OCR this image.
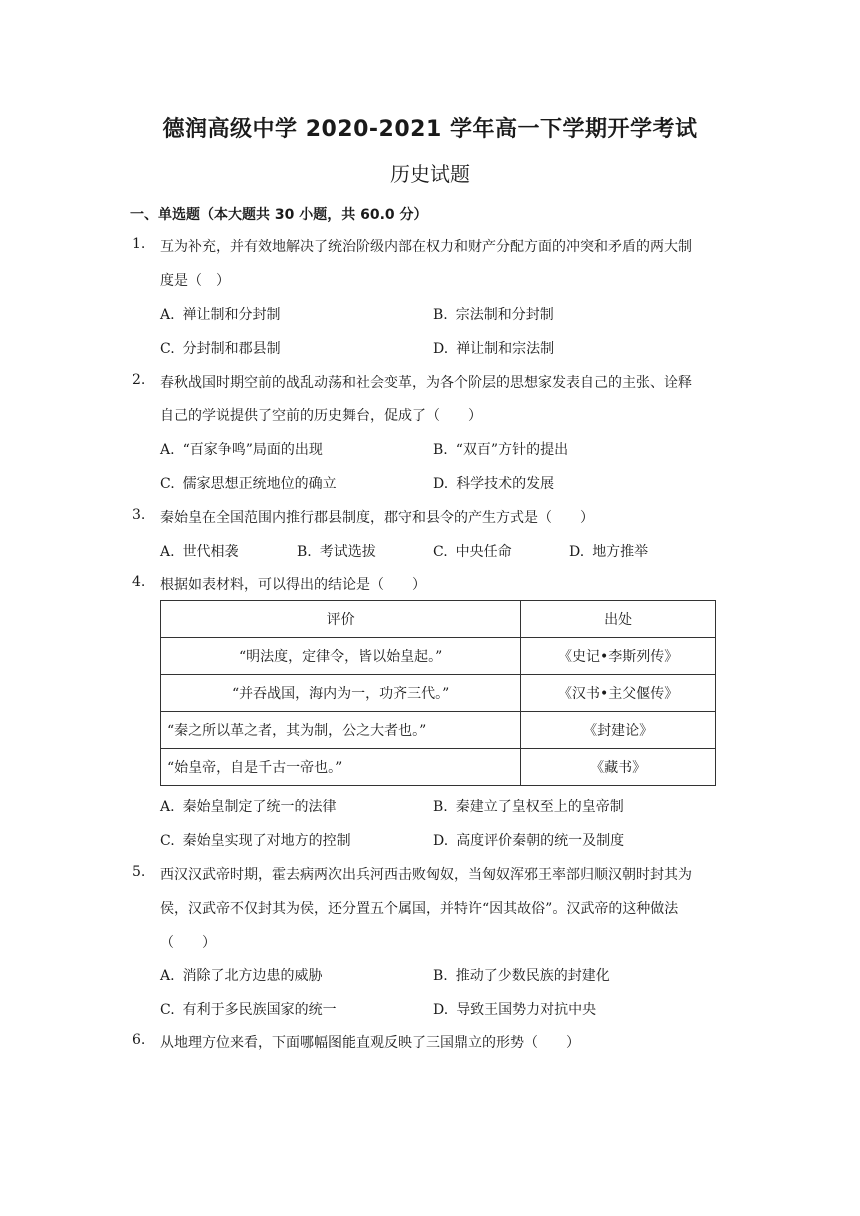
德润高级中学 2020-2021 学年高一下学期开学考试
历史试题
一、单选题（本大题共 30 小题，共 60.0 分）
1. 互为补充，并有效地解决了统治阶级内部在权力和财产分配方面的冲突和矛盾的两大制
度是（　）
A. 禅让制和分封制	B. 宗法制和分封制
C. 分封制和郡县制	D. 禅让制和宗法制
2. 春秋战国时期空前的战乱动荡和社会变革，为各个阶层的思想家发表自己的主张、诠释
自己的学说提供了空前的历史舞台，促成了（　　）
A. “百家争鸣”局面的出现	B. “双百”方针的提出
C. 儒家思想正统地位的确立	D. 科学技术的发展
3. 秦始皇在全国范围内推行郡县制度，郡守和县令的产生方式是（　　）
A. 世代相袭	B. 考试选拔	C. 中央任命	D. 地方推举
4. 根据如表材料，可以得出的结论是（　　）
评价	出处
“明法度，定律令，皆以始皇起。”	《史记•李斯列传》
“并吞战国，海内为一，功齐三代。”	《汉书•主父偃传》
“秦之所以革之者，其为制，公之大者也。”	《封建论》
“始皇帝，自是千古一帝也。”	《藏书》
A. 秦始皇制定了统一的法律	B. 秦建立了皇权至上的皇帝制
C. 秦始皇实现了对地方的控制	D. 高度评价秦朝的统一及制度
5. 西汉汉武帝时期，霍去病两次出兵河西击败匈奴，当匈奴浑邪王率部归顺汉朝时封其为
侯，汉武帝不仅封其为侯，还分置五个属国，并特许“因其故俗”。汉武帝的这种做法
（　　）
A. 消除了北方边患的威胁	B. 推动了少数民族的封建化
C. 有利于多民族国家的统一	D. 导致王国势力对抗中央
6. 从地理方位来看，下面哪幅图能直观反映了三国鼎立的形势（　　）
